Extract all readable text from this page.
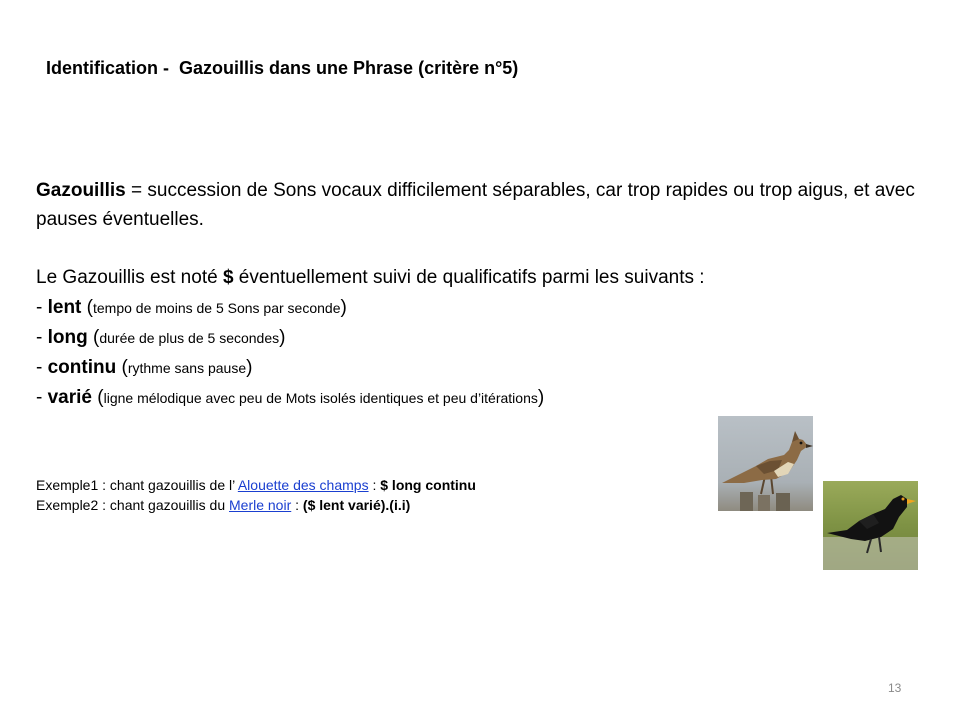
Identification - Gazouillis dans une Phrase (critère n°5)

Gazouillis = succession de Sons vocaux difficilement séparables, car trop rapides ou trop aigus, et avec pauses éventuelles.

Le Gazouillis est noté $ éventuellement suivi de qualificatifs parmi les suivants :

- lent (tempo de moins de 5 Sons par seconde)
- long (durée de plus de 5 secondes)
- continu (rythme sans pause)
- varié (ligne mélodique avec peu de Mots isolés identiques et peu d’itérations)
Exemple1 : chant gazouillis de l’ Alouette des champs : $ long continu
Exemple2 : chant gazouillis du Merle noir : ($ lent varié).(i.i)
13
